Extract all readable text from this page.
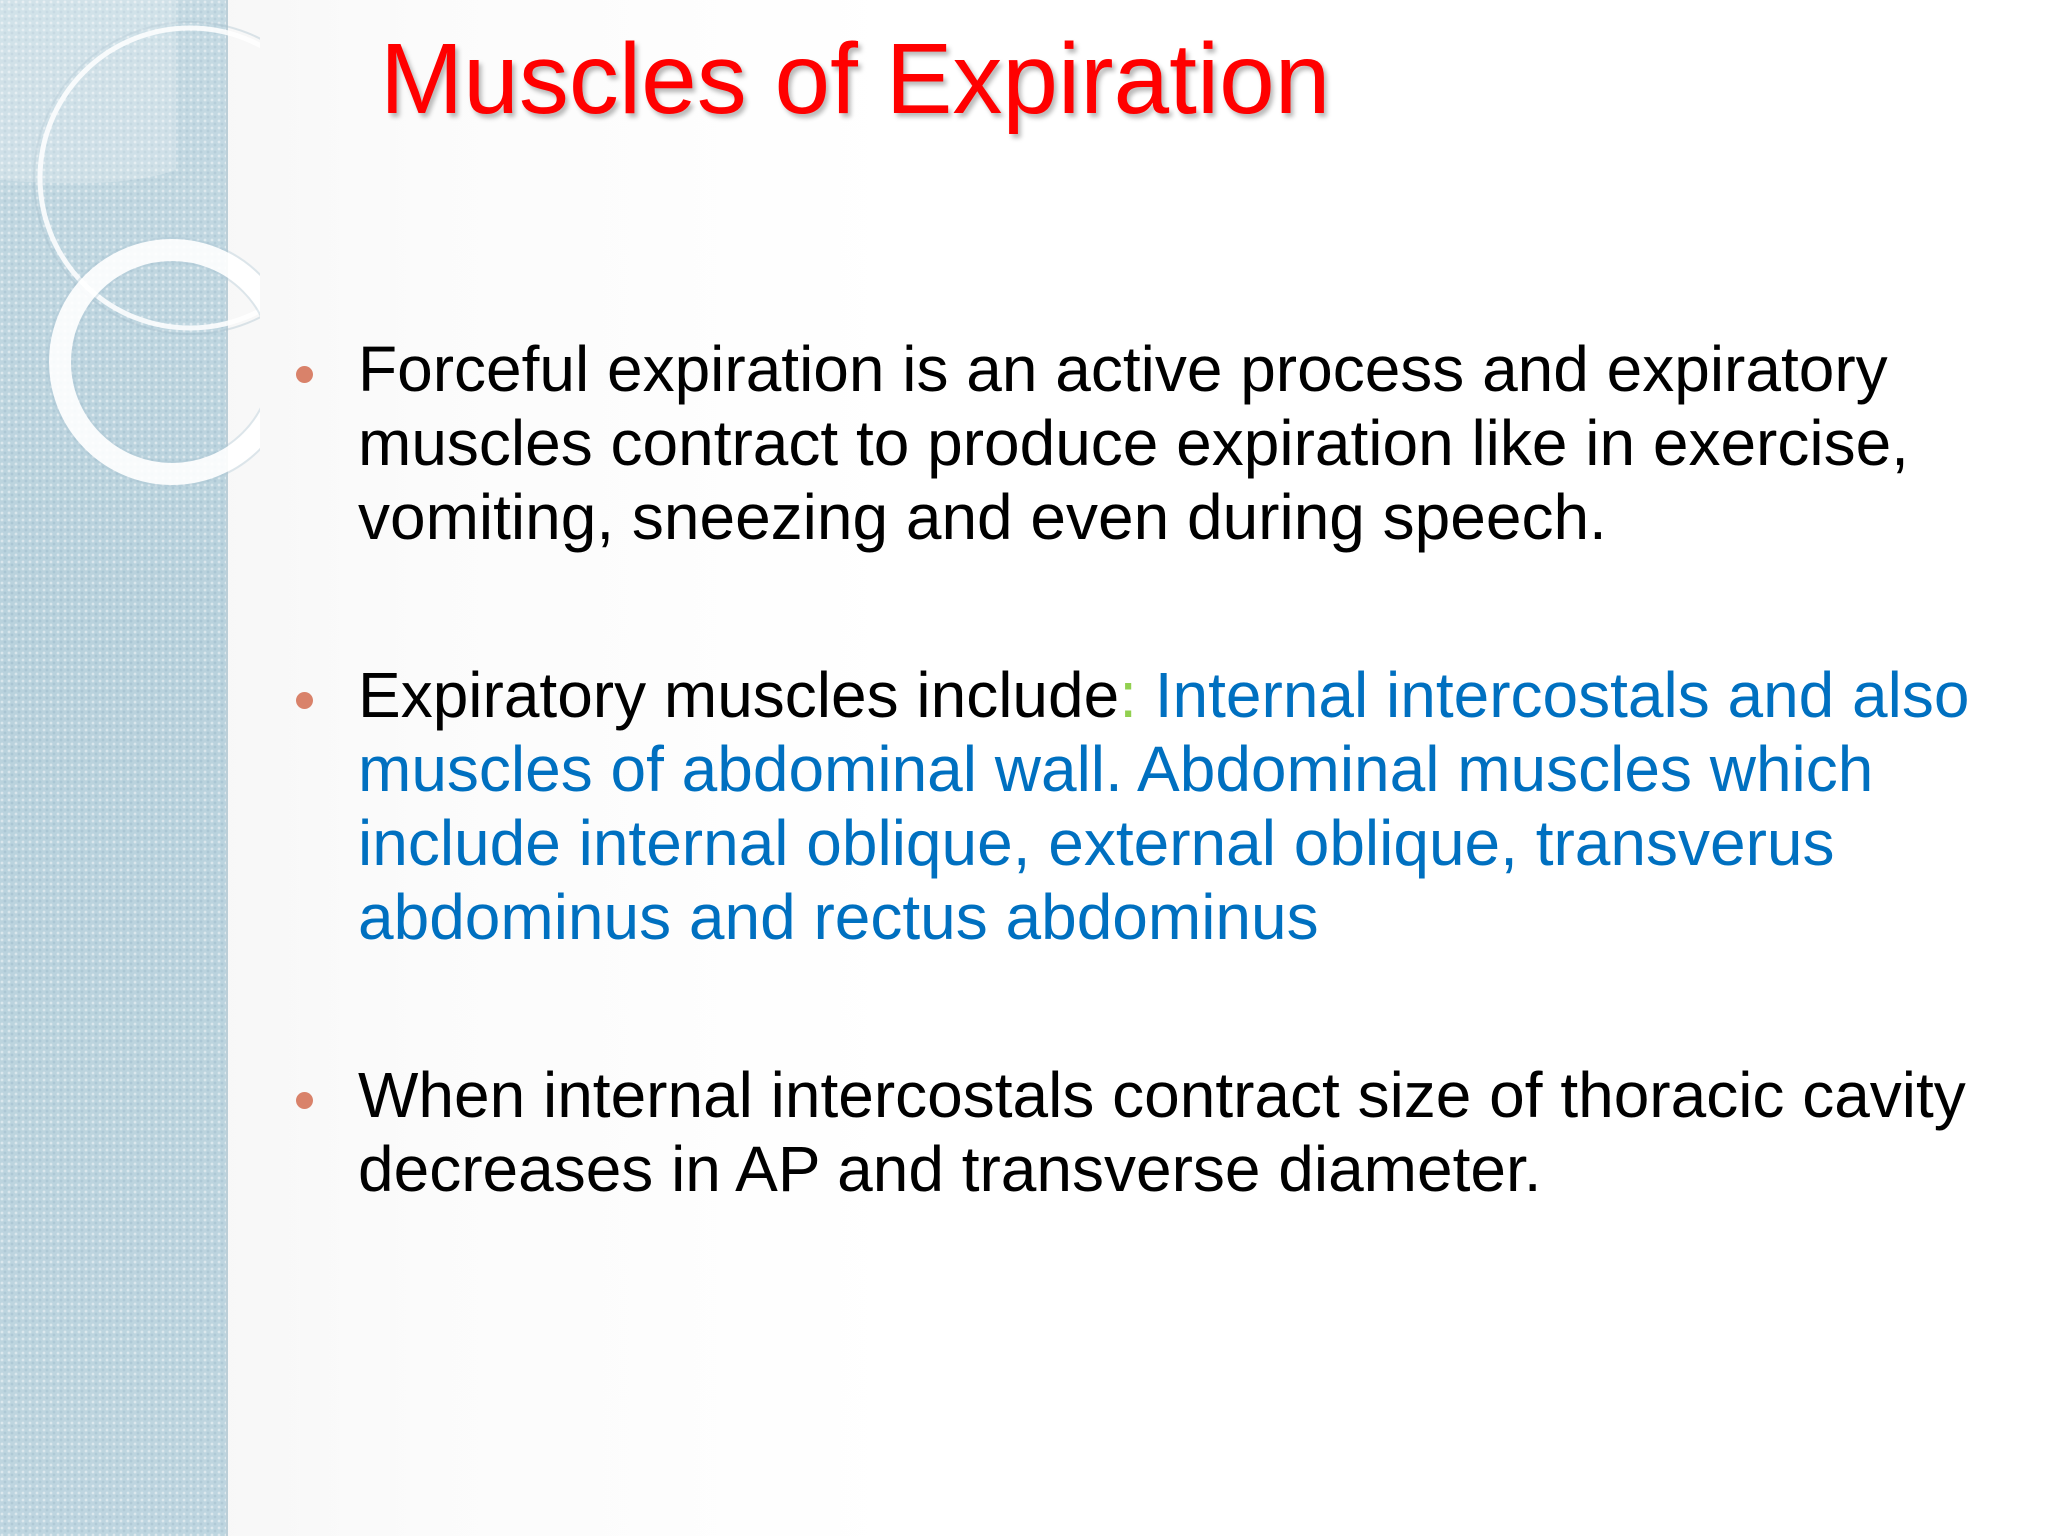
Muscles of Expiration
Forceful expiration is an active process and expiratory muscles contract to produce expiration like in exercise, vomiting, sneezing and even during speech.
Expiratory muscles include: Internal intercostals and also muscles of abdominal wall. Abdominal muscles which include internal oblique, external oblique, transverus abdominus and rectus abdominus
When internal intercostals contract size of thoracic cavity decreases in AP and transverse diameter.
